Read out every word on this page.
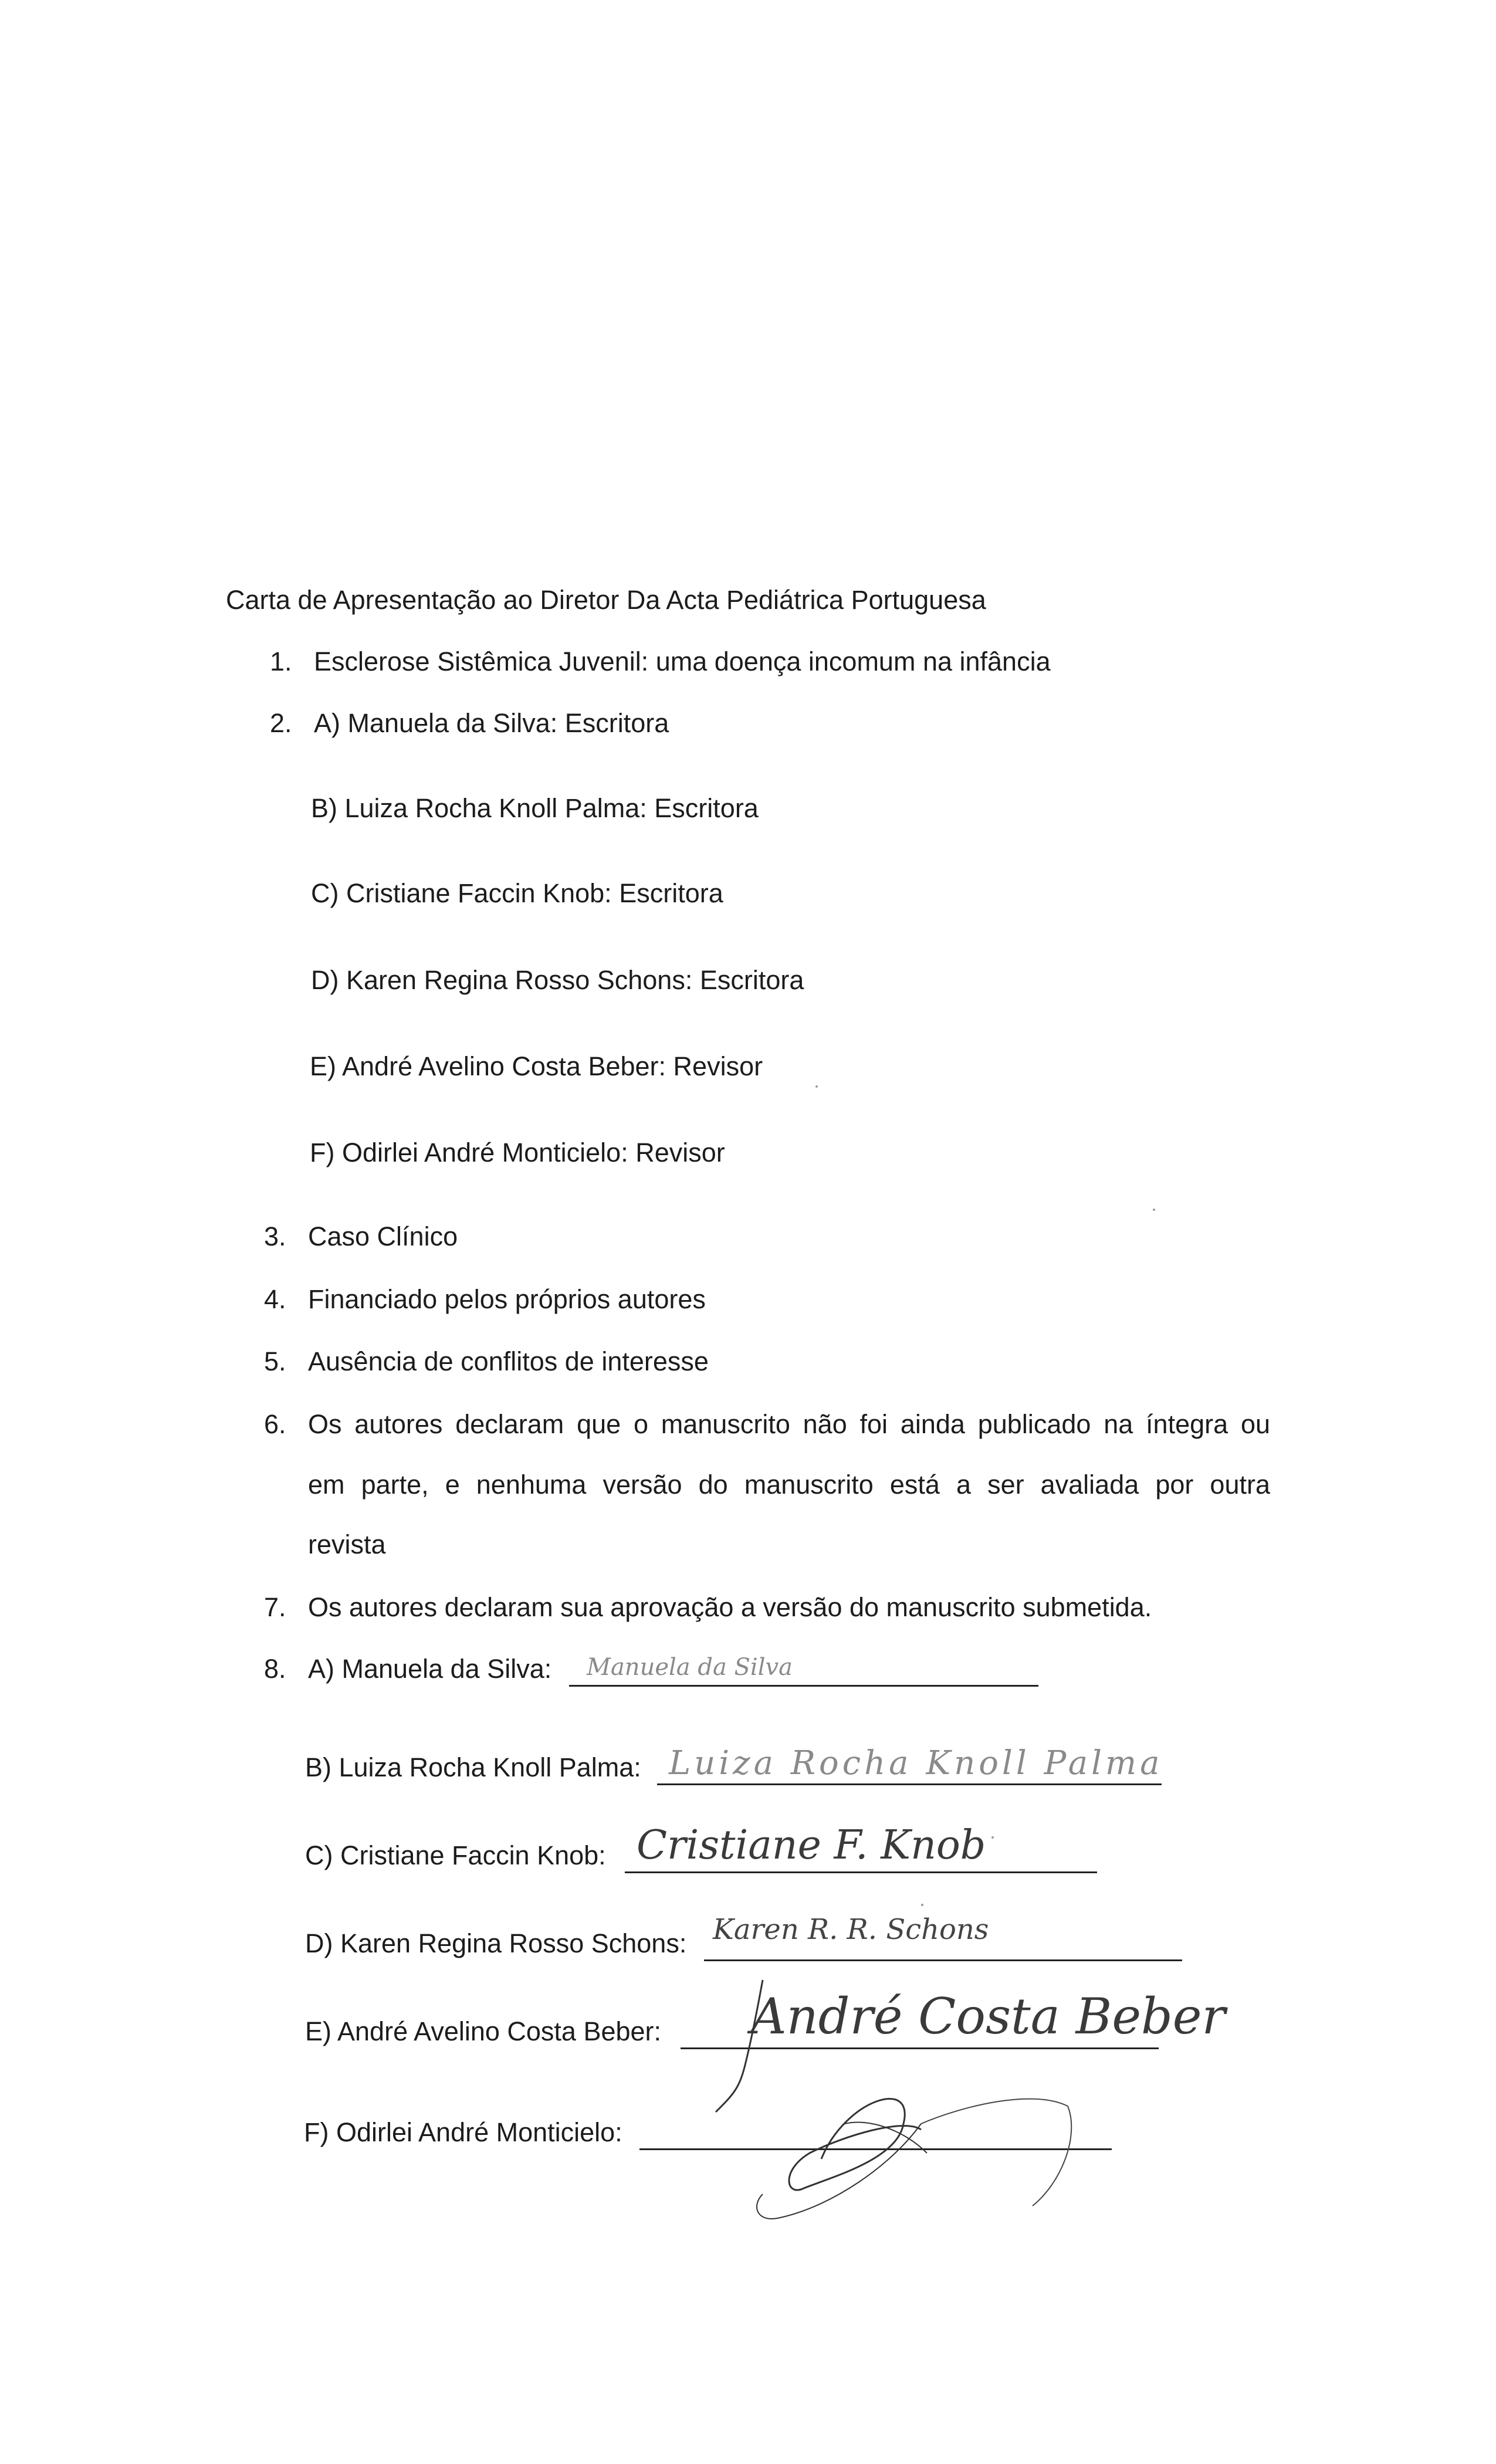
Carta de Apresentação ao Diretor Da Acta Pediátrica Portuguesa
1. Esclerose Sistêmica Juvenil: uma doença incomum na infância
2. A) Manuela da Silva: Escritora
B) Luiza Rocha Knoll Palma: Escritora
C) Cristiane Faccin Knob: Escritora
D) Karen Regina Rosso Schons: Escritora
E) André Avelino Costa Beber: Revisor
F) Odirlei André Monticielo: Revisor
3. Caso Clínico
4. Financiado pelos próprios autores
5. Ausência de conflitos de interesse
6. Os autores declaram que o manuscrito não foi ainda publicado na íntegra ou
em parte, e nenhuma versão do manuscrito está a ser avaliada por outra
revista
7. Os autores declaram sua aprovação a versão do manuscrito submetida.
8. A) Manuela da Silva: Manuela da Silva
B) Luiza Rocha Knoll Palma: Luiza Rocha Knoll Palma
C) Cristiane Faccin Knob: Cristiane F. Knob
D) Karen Regina Rosso Schons: Karen R. R. Schons
E) André Avelino Costa Beber: André Costa Beber
F) Odirlei André Monticielo:
